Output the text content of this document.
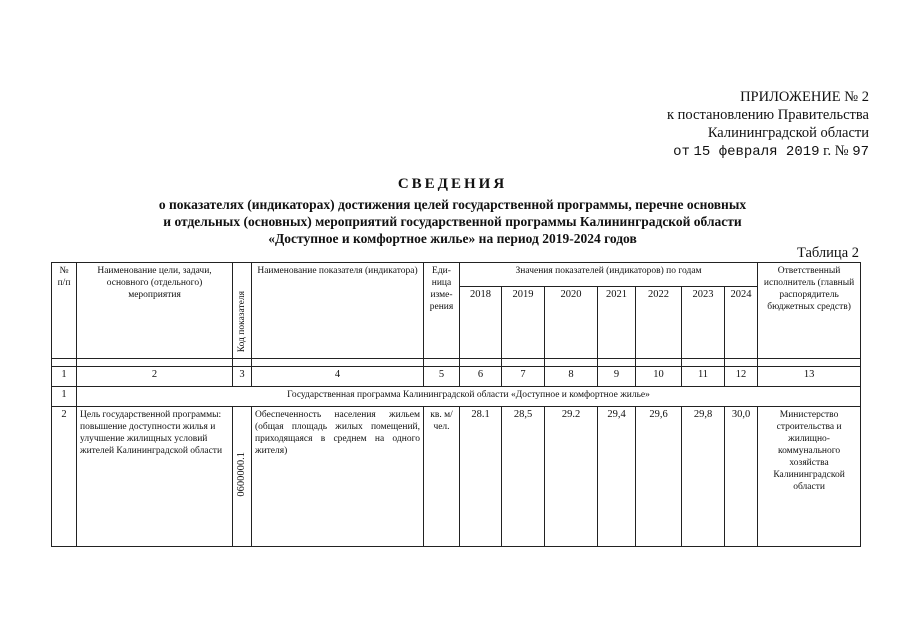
ПРИЛОЖЕНИЕ № 2
к постановлению Правительства
Калининградской области
от 15 февраля 2019 г. № 97
СВЕДЕНИЯ
о показателях (индикаторах) достижения целей государственной программы, перечне основных
и отдельных (основных) мероприятий государственной программы Калининградской области
«Доступное и комфортное жилье» на период 2019-2024 годов
Таблица 2
№ п/п	Наименование цели, задачи, основного (отдельного) мероприятия	Код показателя	Наименование показателя (индикатора)	Еди-ница изме-рения	Значения показателей (индикаторов) по годам							Ответственный исполнитель (главный распорядитель бюджетных средств)
					2018	2019	2020	2021	2022	2023	2024	

1	2	3	4	5	6	7	8	9	10	11	12	13
1	Государственная программа Калининградской области «Доступное и комфортное жилье»											
2	Цель государственной программы: повышение доступности жилья и улучшение жилищных условий жителей Калининградской области	0600000.1	Обеспеченность населения жильем (общая площадь жилых помещений, приходящаяся в среднем на одного жителя)	кв. м/чел.	28.1	28,5	29.2	29,4	29,6	29,8	30,0	Министерство строительства и жилищно-коммунального хозяйства Калининградской области
